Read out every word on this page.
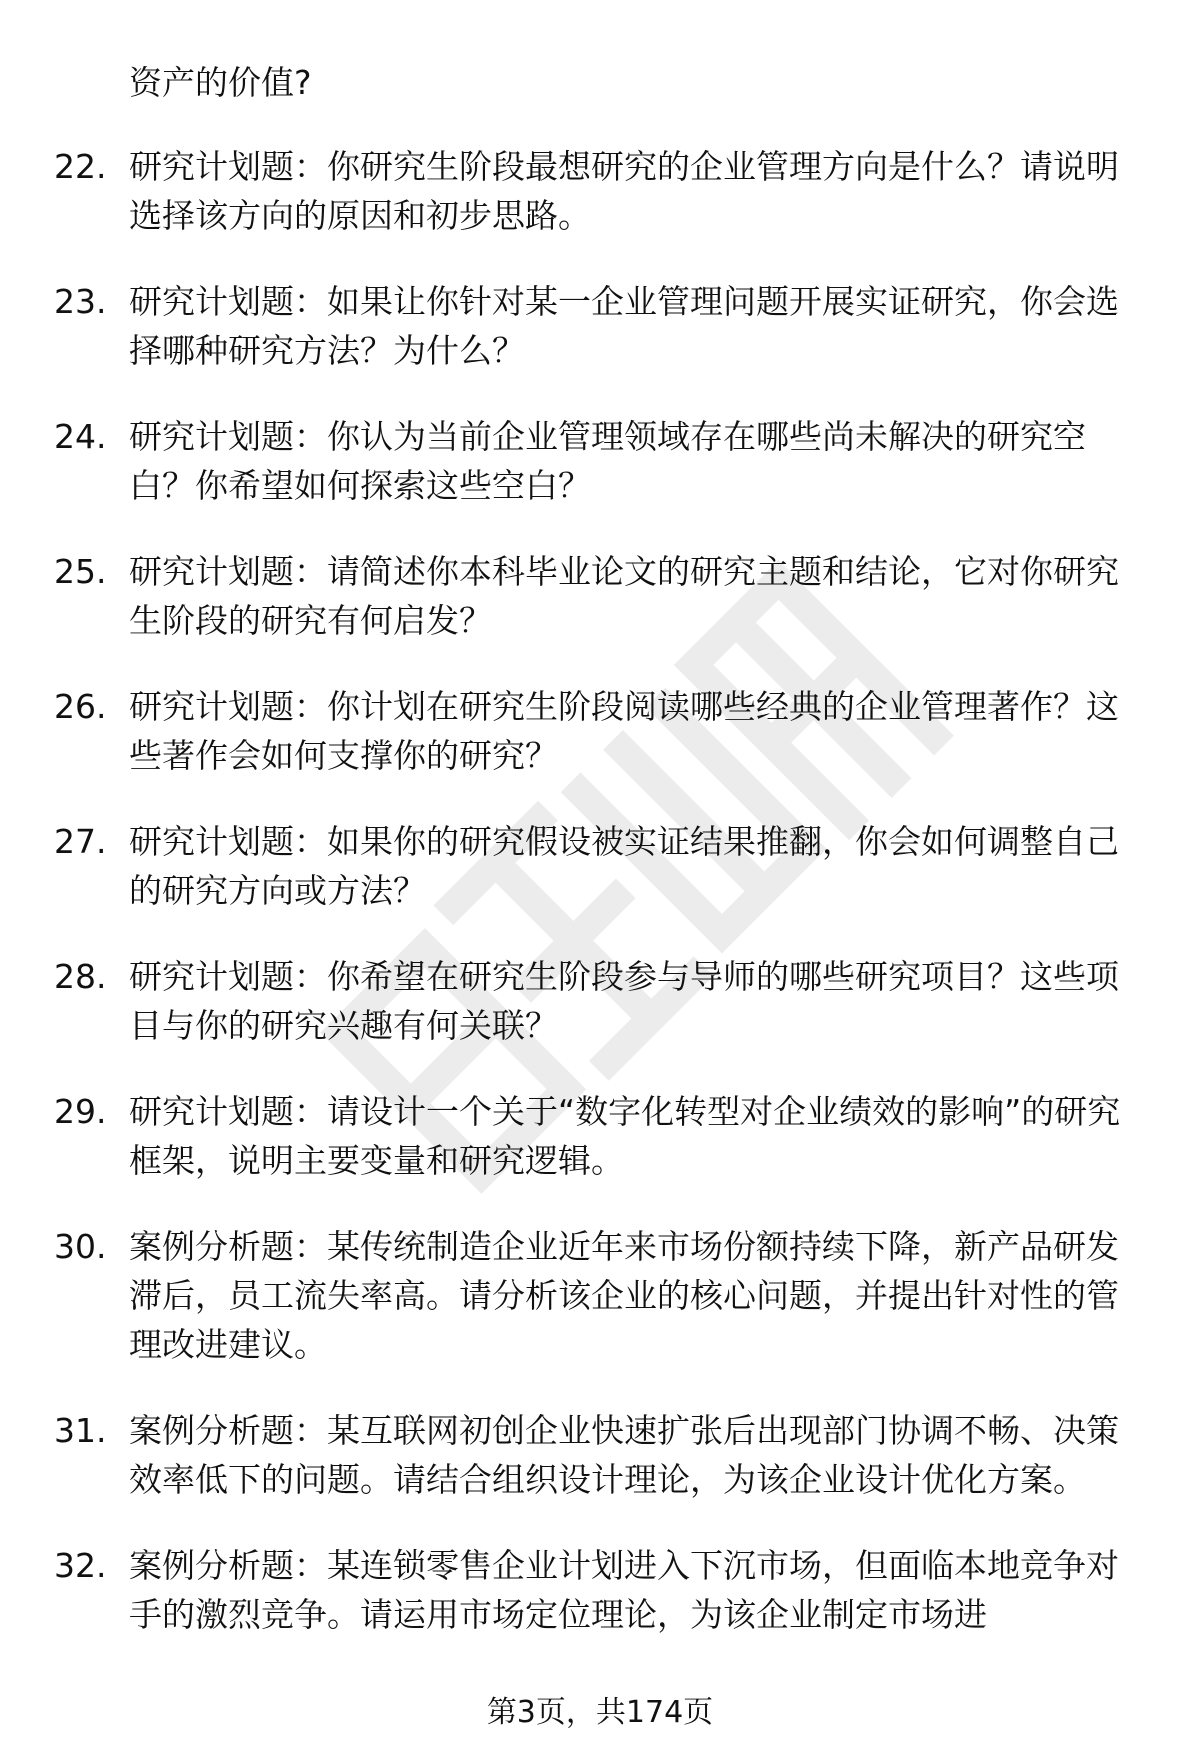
资产的价值?
22. 研究计划题：你研究生阶段最想研究的企业管理方向是什么？请说明选择该方向的原因和初步思路。
23. 研究计划题：如果让你针对某一企业管理问题开展实证研究，你会选择哪种研究方法？为什么？
24. 研究计划题：你认为当前企业管理领域存在哪些尚未解决的研究空白？你希望如何探索这些空白？
25. 研究计划题：请简述你本科毕业论文的研究主题和结论，它对你研究生阶段的研究有何启发？
26. 研究计划题：你计划在研究生阶段阅读哪些经典的企业管理著作？这些著作会如何支撑你的研究？
27. 研究计划题：如果你的研究假设被实证结果推翻，你会如何调整自己的研究方向或方法？
28. 研究计划题：你希望在研究生阶段参与导师的哪些研究项目？这些项目与你的研究兴趣有何关联？
29. 研究计划题：请设计一个关于“数字化转型对企业绩效的影响”的研究框架，说明主要变量和研究逻辑。
30. 案例分析题：某传统制造企业近年来市场份额持续下降，新产品研发滞后，员工流失率高。请分析该企业的核心问题，并提出针对性的管理改进建议。
31. 案例分析题：某互联网初创企业快速扩张后出现部门协调不畅、决策效率低下的问题。请结合组织设计理论，为该企业设计优化方案。
32. 案例分析题：某连锁零售企业计划进入下沉市场，但面临本地竞争对手的激烈竞争。请运用市场定位理论，为该企业制定市场进
第3页，共174页
